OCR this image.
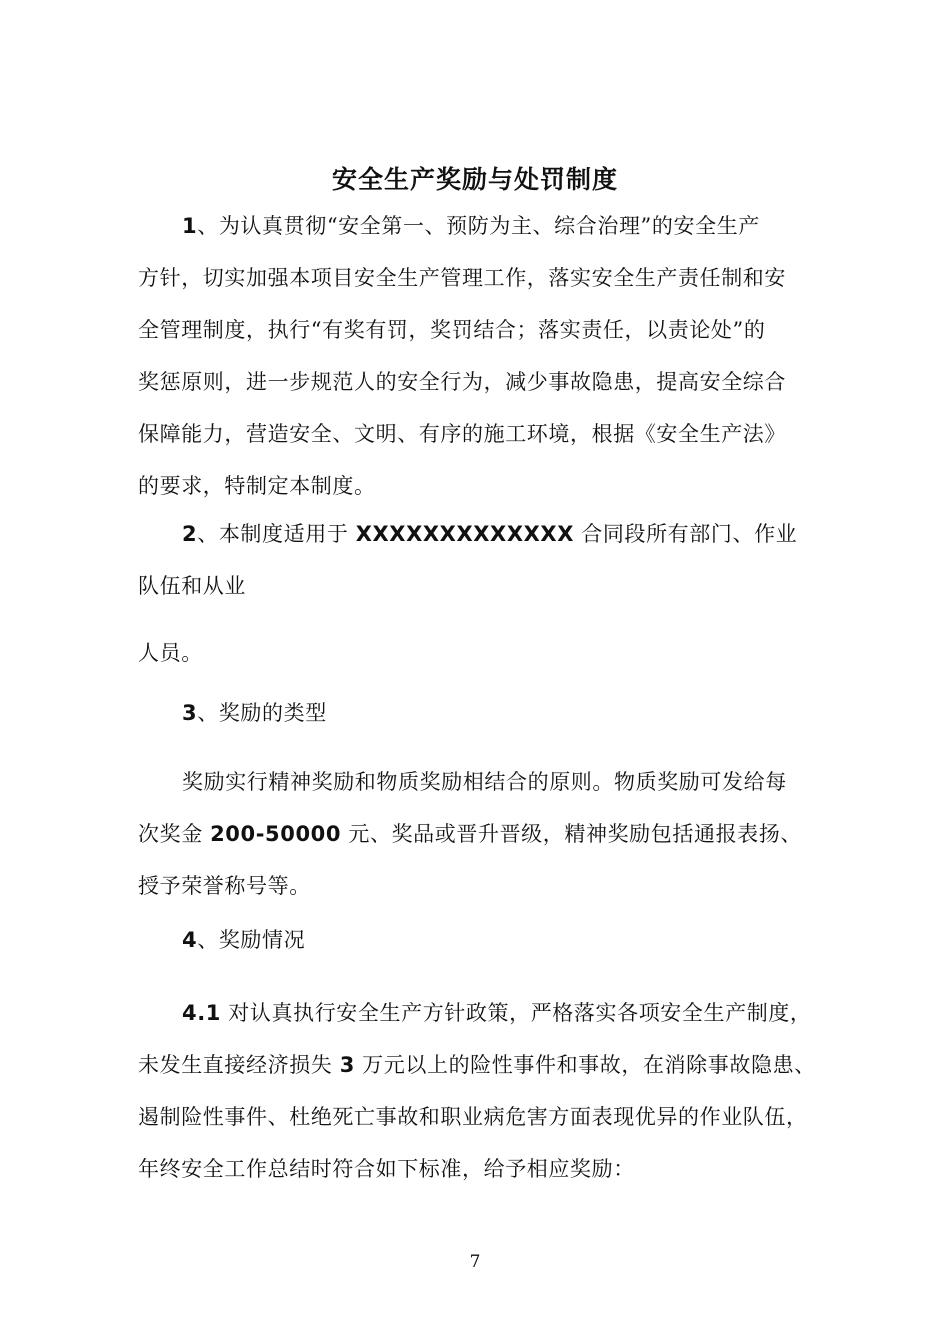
安全生产奖励与处罚制度
1、为认真贯彻“安全第一、预防为主、综合治理”的安全生产
方针，切实加强本项目安全生产管理工作，落实安全生产责任制和安
全管理制度，执行“有奖有罚，奖罚结合；落实责任，以责论处”的
奖惩原则，进一步规范人的安全行为，减少事故隐患，提高安全综合
保障能力，营造安全、文明、有序的施工环境，根据《安全生产法》
的要求，特制定本制度。
2、本制度适用于 XXXXXXXXXXXXX 合同段所有部门、作业
队伍和从业
人员。
3、奖励的类型
奖励实行精神奖励和物质奖励相结合的原则。物质奖励可发给每
次奖金 200-50000 元、奖品或晋升晋级，精神奖励包括通报表扬、
授予荣誉称号等。
4、奖励情况
4.1 对认真执行安全生产方针政策，严格落实各项安全生产制度，
未发生直接经济损失 3 万元以上的险性事件和事故，在消除事故隐患、
遏制险性事件、杜绝死亡事故和职业病危害方面表现优异的作业队伍，
年终安全工作总结时符合如下标准，给予相应奖励：
7
